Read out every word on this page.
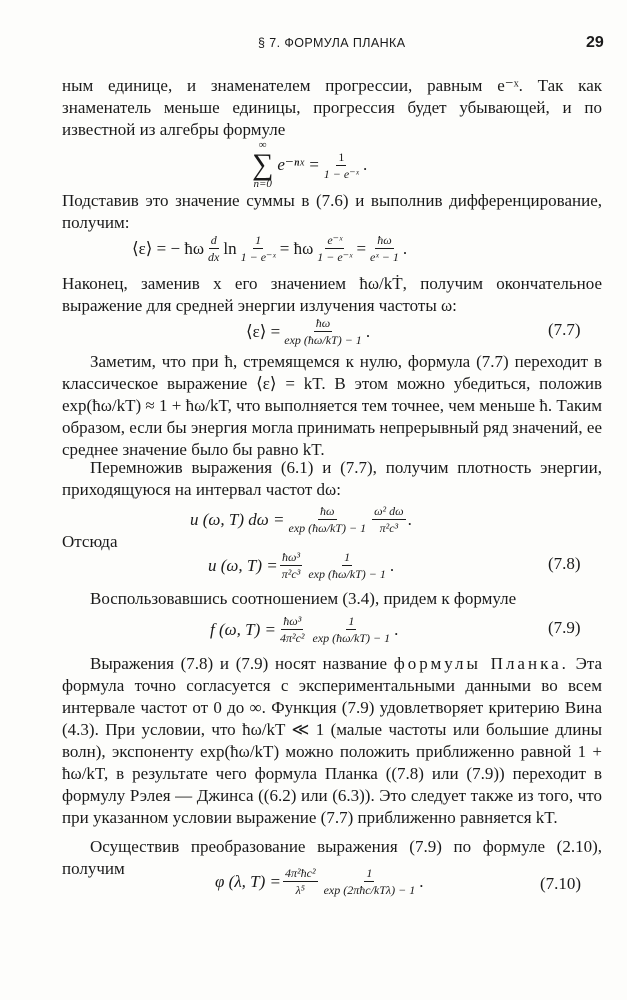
§ 7. ФОРМУЛА ПЛАНКА	29

ным единице, и знаменателем прогрессии, равным e⁻ˣ. Так как знаменатель меньше единицы, прогрессия будет убывающей, и по известной из алгебры формуле

∞
∑
n=0
e⁻ⁿˣ = $\frac{1}{\text{1 − e⁻ˣ}}$ .

Подставив это значение суммы в (7.6) и выполнив дифференцирование, получим:

⟨ε⟩ = − ħω $\frac{d}{dx}$ $\ln \frac{1}{\text{1 − e⁻ˣ}}$ = ħω $\frac{\text{e⁻ˣ}}{\text{1 − e⁻ˣ}} = \frac{ħ\omega}{\text{eˣ − 1}}$ .

Наконец, заменив x его значением ħω/kṪ, получим окончательное выражение для средней энергии излучения частоты ω:

⟨ε⟩ = $\frac{ħ\omega}{\exp (ħ\omega/kT) - 1}$ .	(7.7)

Заметим, что при ħ, стремящемся к нулю, формула (7.7) переходит в классическое выражение ⟨ε⟩ = kT. В этом можно убедиться, положив exp(ħω/kT) ≈ 1 + ħω/kT, что выполняется тем точнее, чем меньше ħ. Таким образом, если бы энергия могла принимать непрерывный ряд значений, ее среднее значение было бы равно kT.

Перемножив выражения (6.1) и (7.7), получим плотность энергии, приходящуюся на интервал частот dω:

u (ω, T) $d\omega = \frac{ħ\omega}{\exp (ħ\omega/kT) - 1} \frac{\text{ω² dω}}{\text{π²c³}}$ .

Отсюда

u (ω, $T) = \frac{\text{ħω³}}{\text{π²c³}} \frac{1}{\exp (ħ\omega/kT) - 1}$ .	(7.8)

Воспользовавшись соотношением (3.4), придем к формуле

f (ω, $T) = \frac{\text{ħω³}}{\text{4π²c²}} \frac{1}{\exp (ħ\omega/kT) - 1}$ .	(7.9)

Выражения (7.8) и (7.9) носят название формулы Планка. Эта формула точно согласуется с экспериментальными данными во всем интервале частот от 0 до ∞. Функция (7.9) удовлетворяет критерию Вина (4.3). При условии, что ħω/kT ≪ 1 (малые частоты или большие длины волн), экспоненту exp(ħω/kT) можно положить приближенно равной 1 + ħω/kT, в результате чего формула Планка ((7.8) или (7.9)) переходит в формулу Рэлея — Джинса ((6.2) или (6.3)). Это следует также из того, что при указанном условии выражение (7.7) приближенно равняется kT.

Осуществив преобразование выражения (7.9) по формуле (2.10), получим

φ (λ, $T) = \frac{\text{4π²ħc²}}{\text{λ⁵}} \frac{1}{\text{exp (2πħc/kTλ) − 1}}$ .	(7.10)
